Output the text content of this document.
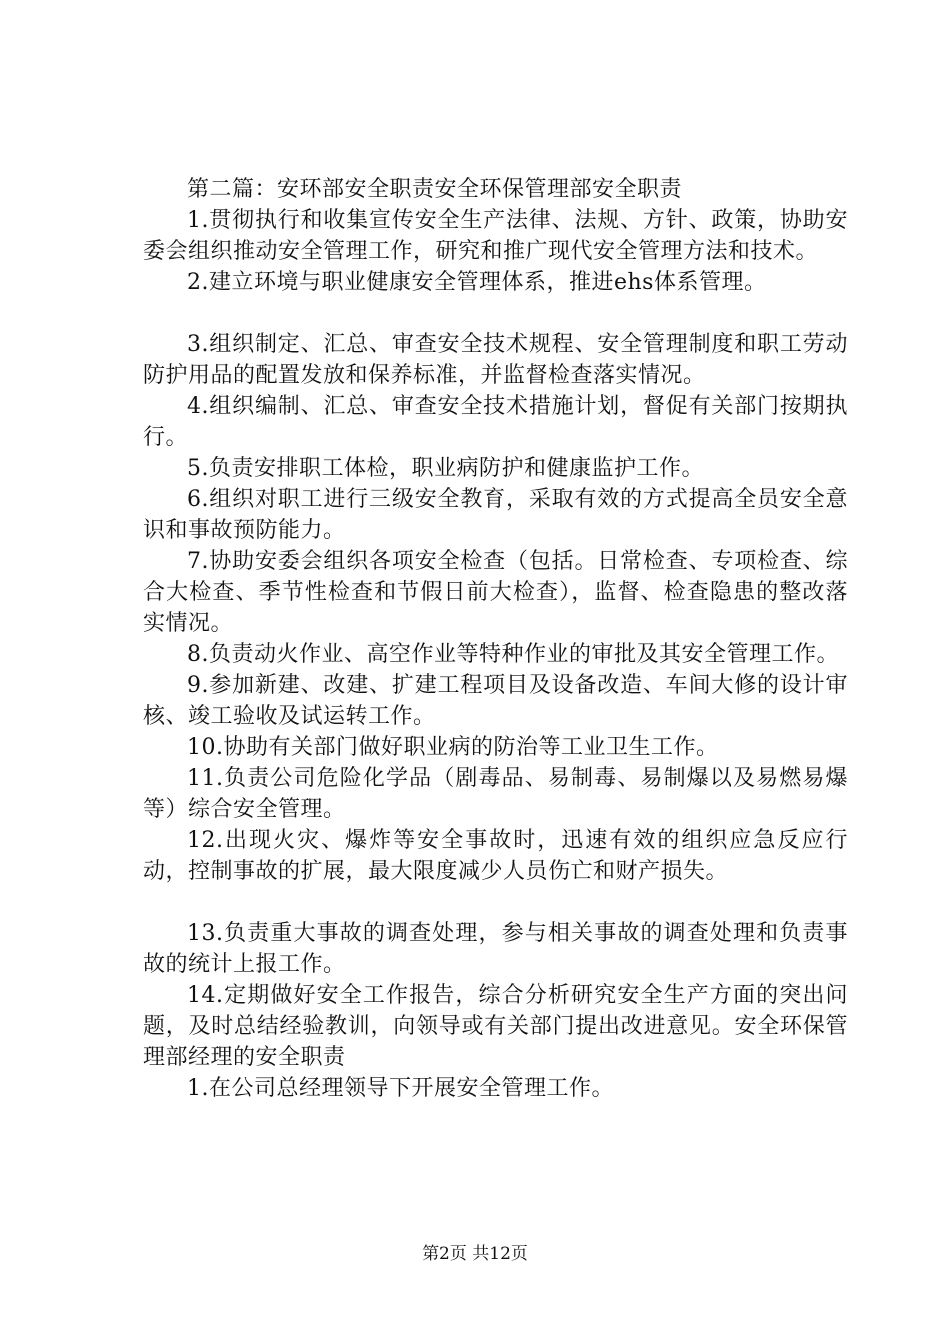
第二篇：安环部安全职责安全环保管理部安全职责

1.贯彻执行和收集宣传安全生产法律、法规、方针、政策，协助安委会组织推动安全管理工作，研究和推广现代安全管理方法和技术。

2.建立环境与职业健康安全管理体系，推进ehs体系管理。

3.组织制定、汇总、审查安全技术规程、安全管理制度和职工劳动防护用品的配置发放和保养标准，并监督检查落实情况。

4.组织编制、汇总、审查安全技术措施计划，督促有关部门按期执行。

5.负责安排职工体检，职业病防护和健康监护工作。

6.组织对职工进行三级安全教育，采取有效的方式提高全员安全意识和事故预防能力。

7.协助安委会组织各项安全检查（包括。日常检查、专项检查、综合大检查、季节性检查和节假日前大检查），监督、检查隐患的整改落实情况。

8.负责动火作业、高空作业等特种作业的审批及其安全管理工作。

9.参加新建、改建、扩建工程项目及设备改造、车间大修的设计审核、竣工验收及试运转工作。

10.协助有关部门做好职业病的防治等工业卫生工作。

11.负责公司危险化学品（剧毒品、易制毒、易制爆以及易燃易爆等）综合安全管理。

12.出现火灾、爆炸等安全事故时，迅速有效的组织应急反应行动，控制事故的扩展，最大限度减少人员伤亡和财产损失。

13.负责重大事故的调查处理，参与相关事故的调查处理和负责事故的统计上报工作。

14.定期做好安全工作报告，综合分析研究安全生产方面的突出问题，及时总结经验教训，向领导或有关部门提出改进意见。安全环保管理部经理的安全职责

1.在公司总经理领导下开展安全管理工作。

第2页 共12页
